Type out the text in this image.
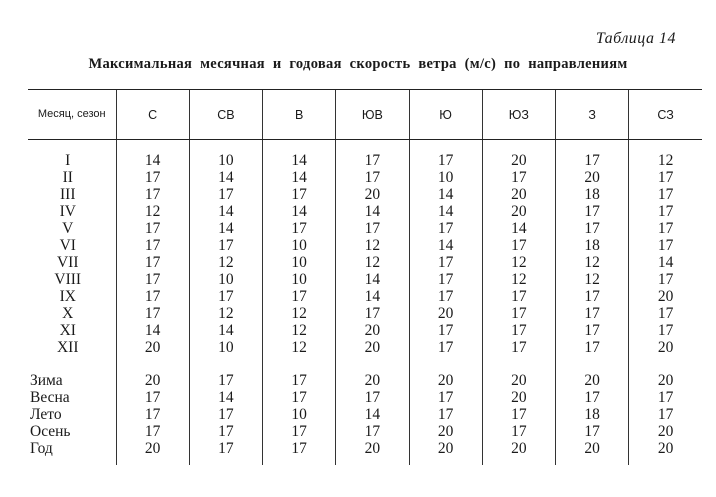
Таблица 14
Максимальная месячная и годовая скорость ветра (м/с) по направлениям
Месяц, сезон	С	СВ	В	ЮВ	Ю	ЮЗ	З	СЗ

I	14	10	14	17	17	20	17	12
II	17	14	14	17	10	17	20	17
III	17	17	17	20	14	20	18	17
IV	12	14	14	14	14	20	17	17
V	17	14	17	17	17	14	17	17
VI	17	17	10	12	14	17	18	17
VII	17	12	10	12	17	12	12	14
VIII	17	10	10	14	17	12	12	17
IX	17	17	17	14	17	17	17	20
X	17	12	12	17	20	17	17	17
XI	14	14	12	20	17	17	17	17
XII	20	10	12	20	17	17	17	20

Зима	20	17	17	20	20	20	20	20
Весна	17	14	17	17	17	20	17	17
Лето	17	17	10	14	17	17	18	17
Осень	17	17	17	17	20	17	17	20
Год	20	17	17	20	20	20	20	20
